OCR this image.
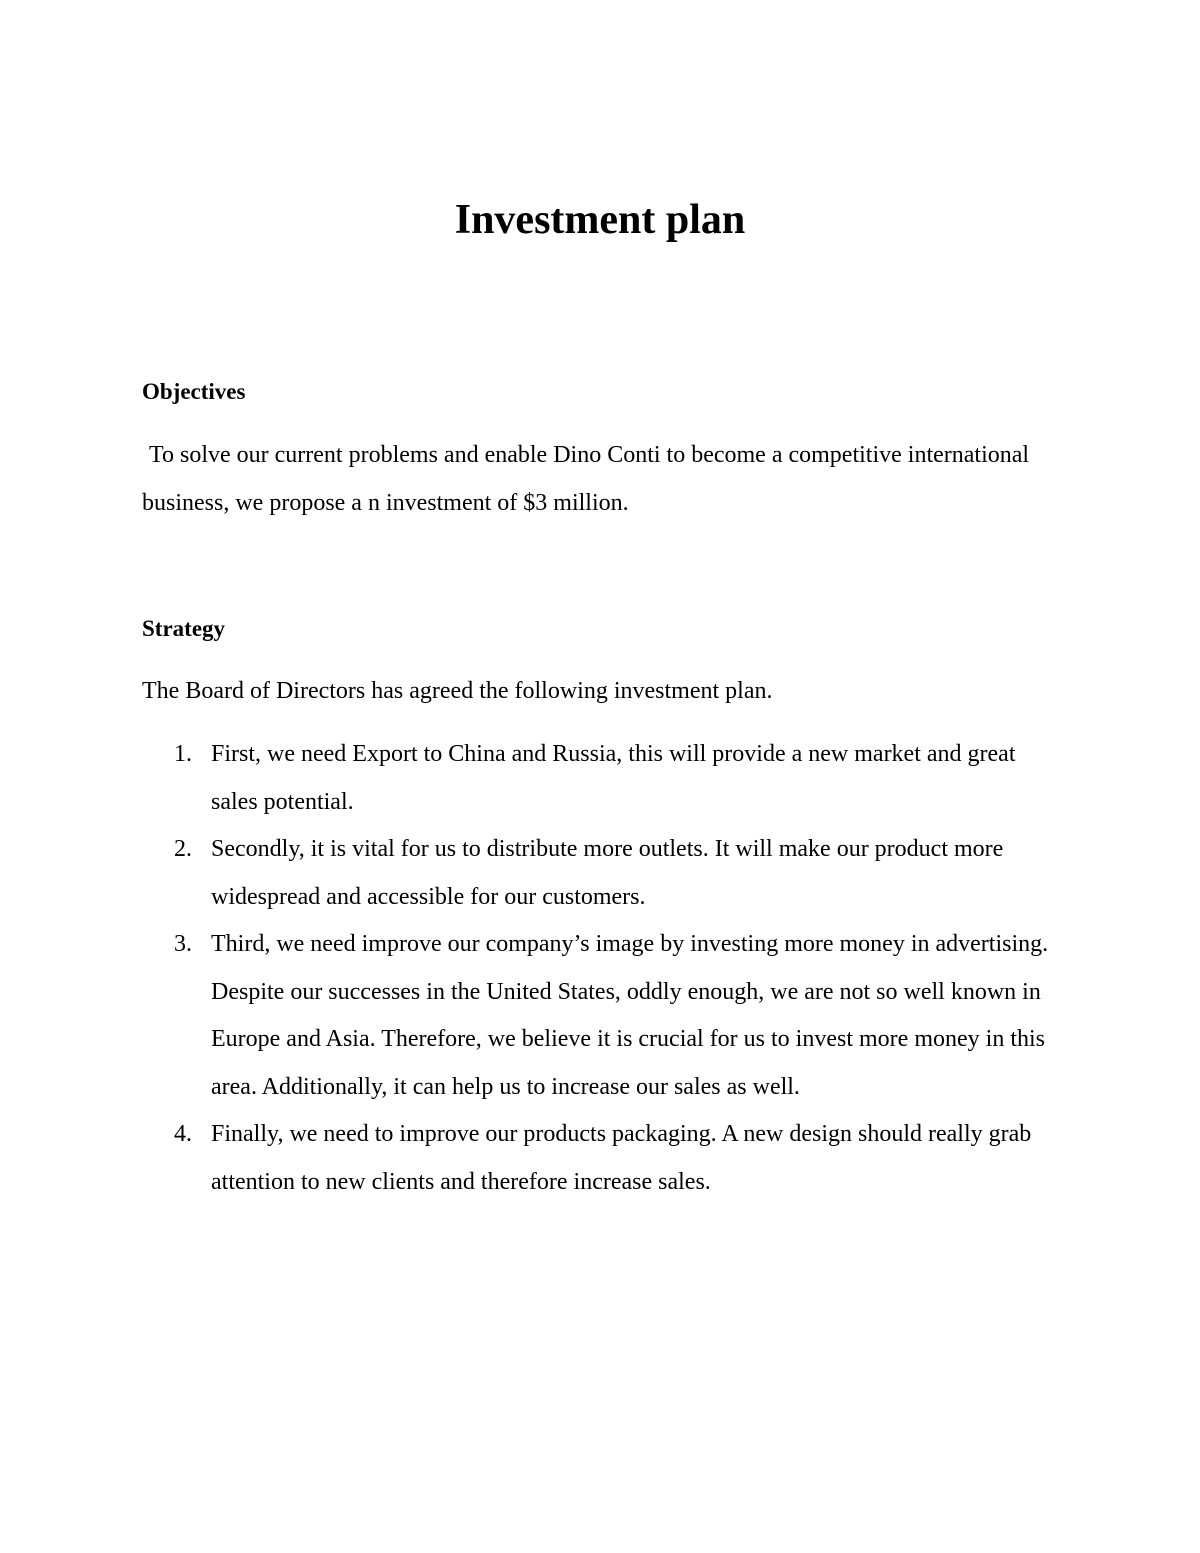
Investment plan
Objectives

To solve our current problems and enable Dino Conti to become a competitive international business, we propose a n investment of $3 million.

Strategy

The Board of Directors has agreed the following investment plan.

1. First, we need Export to China and Russia, this will provide a new market and great sales potential.
2. Secondly, it is vital for us to distribute more outlets. It will make our product more widespread and accessible for our customers.
3. Third, we need improve our company’s image by investing more money in advertising. Despite our successes in the United States, oddly enough, we are not so well known in Europe and Asia. Therefore, we believe it is crucial for us to invest more money in this area. Additionally, it can help us to increase our sales as well.
4. Finally, we need to improve our products packaging. A new design should really grab attention to new clients and therefore increase sales.
